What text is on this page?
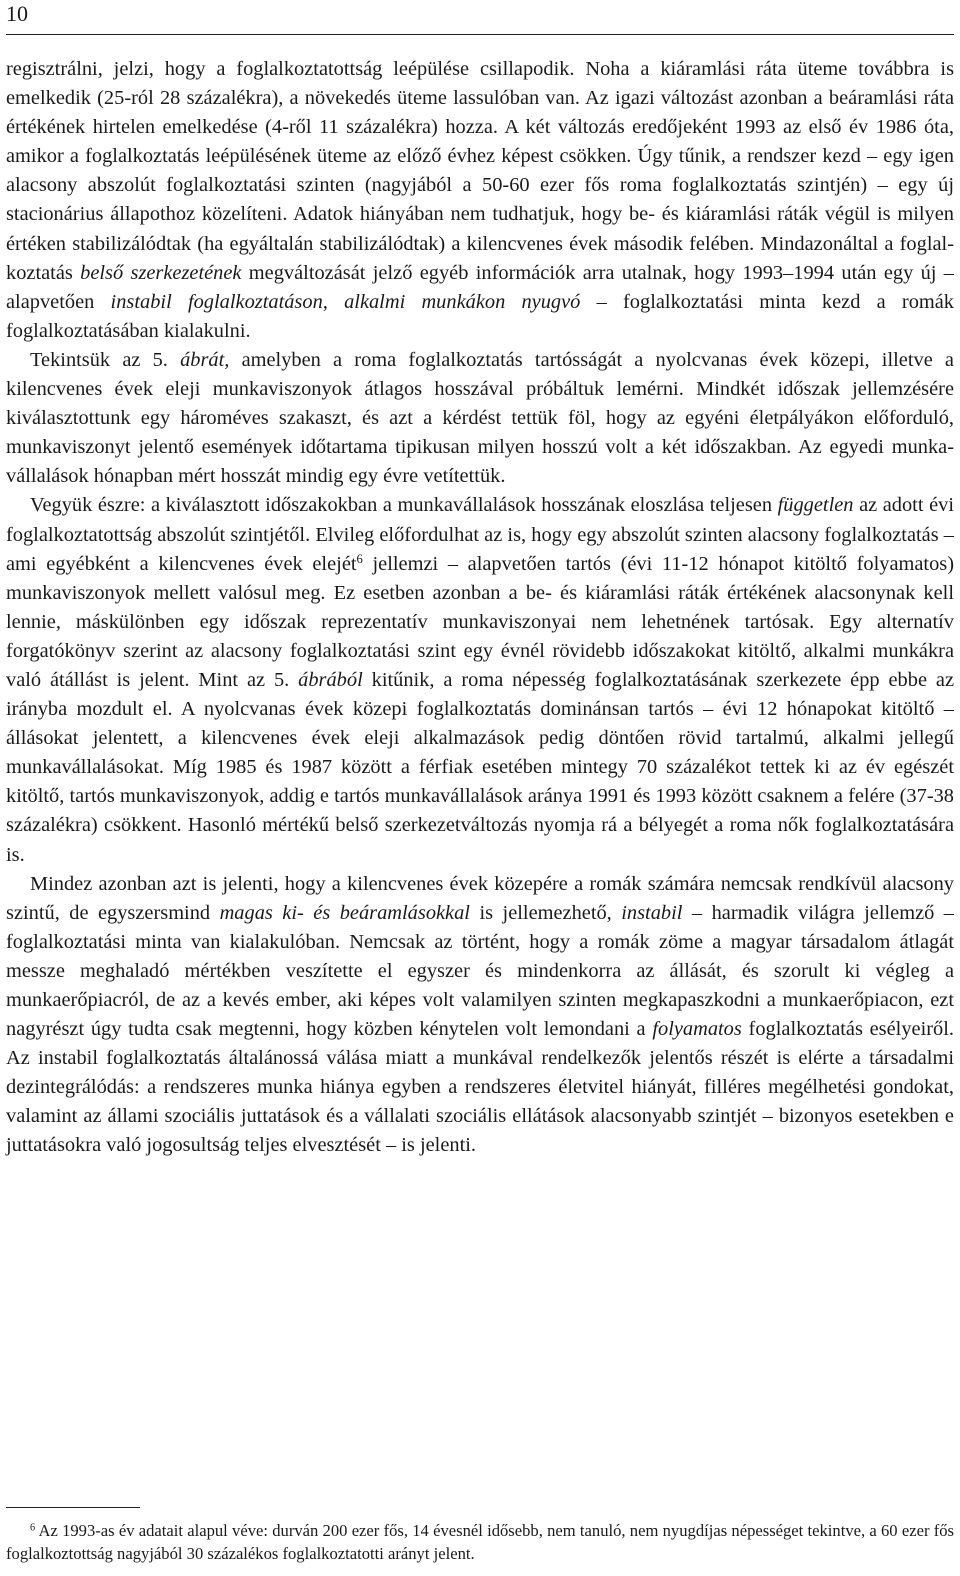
10

regisztrálni, jelzi, hogy a foglalkoztatottság leépülése csillapodik. Noha a kiáramlási ráta üteme továbbra is emelkedik (25-ról 28 százalékra), a növekedés üteme lassulóban van. Az igazi változást azonban a beáramlási ráta értékének hirtelen emelkedése (4-ről 11 százalékra) hozza. A két változás eredőjeként 1993 az első év 1986 óta, amikor a foglalkoztatás leépülésének üteme az előző évhez képest csökken. Úgy tűnik, a rendszer kezd – egy igen alacsony abszolút foglalkoztatási szinten (nagyjából a 50-60 ezer fős roma foglalkoztatás szintjén) – egy új stacionárius állapothoz közelíteni. Adatok hiányában nem tudhatjuk, hogy be- és kiáramlási ráták végül is milyen értéken stabilizálódtak (ha egyáltalán stabilizálódtak) a kilencvenes évek második felében. Mindazonáltal a foglalkoztatás belső szerkezetének megváltozását jelző egyéb információk arra utalnak, hogy 1993–1994 után egy új – alapvetően instabil foglalkoztatáson, alkalmi munkákon nyugvó – foglalkoztatási minta kezd a romák foglalkoztatásában kialakulni.

Tekintsük az 5. ábrát, amelyben a roma foglalkoztatás tartósságát a nyolcvanas évek közepi, illetve a kilencvenes évek eleji munkaviszonyok átlagos hosszával próbáltuk lemérni. Mindkét időszak jellemzésére kiválasztottunk egy hároméves szakaszt, és azt a kérdést tettük föl, hogy az egyéni életpályákon előforduló, munkaviszonyt jelentő események időtartama tipikusan milyen hosszú volt a két időszakban. Az egyedi munkavállalások hónapban mért hosszát mindig egy évre vetítettük.

Vegyük észre: a kiválasztott időszakokban a munkavállalások hosszának eloszlása teljesen független az adott évi foglalkoztatottság abszolút szintjétől. Elvileg előfordulhat az is, hogy egy abszolút szinten alacsony foglalkoztatás – ami egyébként a kilencvenes évek elejét$^6$ jellemzi – alapvetően tartós (évi 11-12 hónapot kitöltő folyamatos) munkaviszonyok mellett valósul meg. Ez esetben azonban a be- és kiáramlási ráták értékének alacsonynak kell lennie, máskülönben egy időszak reprezentatív munkaviszonyai nem lehetnének tartósak. Egy alternatív forgatókönyv szerint az alacsony foglalkoztatási szint egy évnél rövidebb időszakokat kitöltő, alkalmi munkákra való átállást is jelent. Mint az 5. ábrából kitűnik, a roma népesség foglalkoztatásának szerkezete épp ebbe az irányba mozdult el. A nyolcvanas évek közepi foglalkoztatás dominánsan tartós – évi 12 hónapokat kitöltő – állásokat jelentett, a kilencvenes évek eleji alkalmazások pedig döntően rövid tartalmú, alkalmi jellegű munkavállalásokat. Míg 1985 és 1987 között a férfiak esetében mintegy 70 százalékot tettek ki az év egészét kitöltő, tartós munkaviszonyok, addig e tartós munkavállalások aránya 1991 és 1993 között csaknem a felére (37-38 százalékra) csökkent. Hasonló mértékű belső szerkezetváltozás nyomja rá a bélyegét a roma nők foglalkoztatására is.

Mindez azonban azt is jelenti, hogy a kilencvenes évek közepére a romák számára nemcsak rendkívül alacsony szintű, de egyszersmind magas ki- és beáramlásokkal is jellemezhető, instabil – harmadik világra jellemző – foglalkoztatási minta van kialakulóban. Nemcsak az történt, hogy a romák zöme a magyar társadalom átlagát messze meghaladó mértékben veszítette el egyszer és mindenkorra az állását, és szorult ki végleg a munkaerőpiacról, de az a kevés ember, aki képes volt valamilyen szinten megkapaszkodni a munkaerőpiacon, ezt nagyrészt úgy tudta csak megtenni, hogy közben kénytelen volt lemondani a folyamatos foglalkoztatás esélyeiről. Az instabil foglalkoztatás általánossá válása miatt a munkával rendelkezők jelentős részét is elérte a társadalmi dezintegrálódás: a rendszeres munka hiánya egyben a rendszeres életvitel hiányát, filléres megélhetési gondokat, valamint az állami szociális juttatások és a vállalati szociális ellátások alacsonyabb szintjét – bizonyos esetekben e juttatásokra való jogosultság teljes elvesztését – is jelenti.

$^6$ Az 1993-as év adatait alapul véve: durván 200 ezer fős, 14 évesnél idősebb, nem tanuló, nem nyugdíjas népességet tekintve, a 60 ezer fős foglalkoztottság nagyjából 30 százalékos foglalkoztatotti arányt jelent.
